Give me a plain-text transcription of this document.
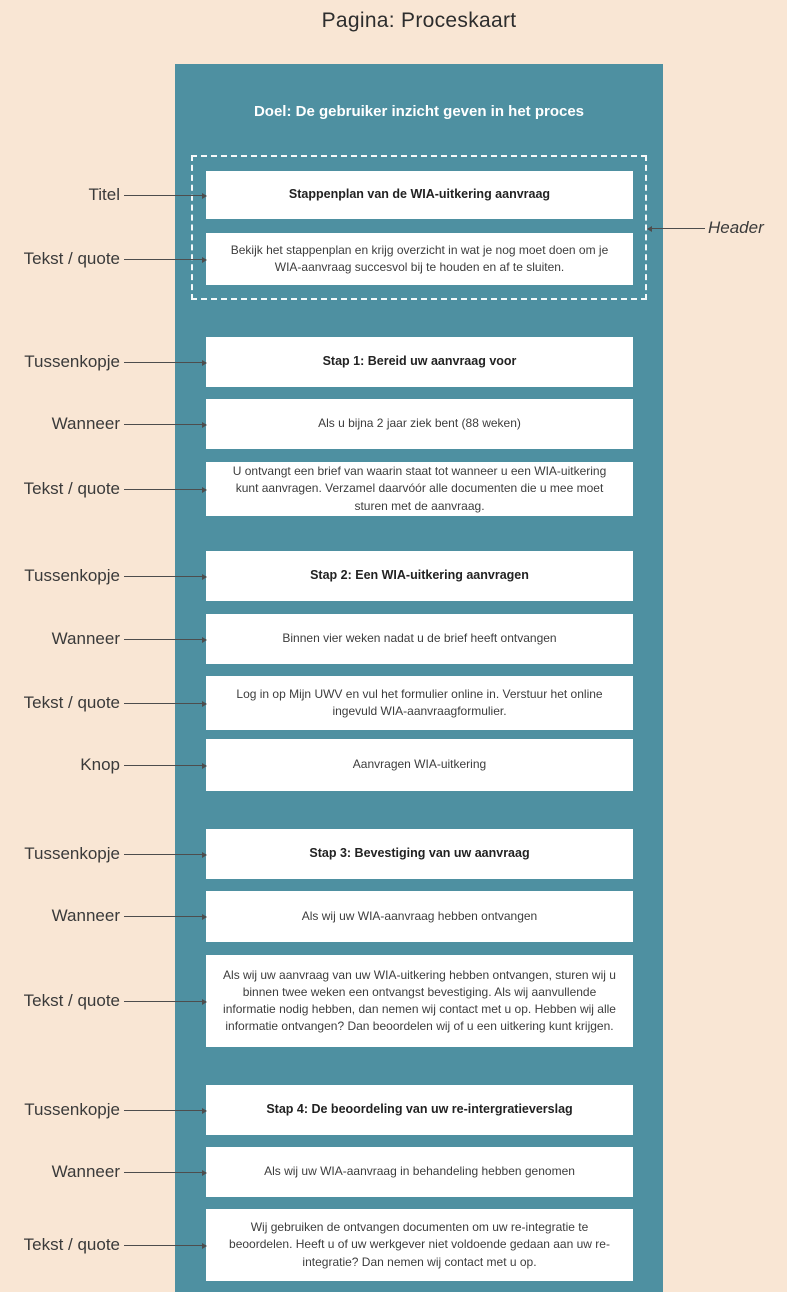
Pagina: Proceskaart
Doel: De gebruiker inzicht geven in het proces
Stappenplan van de WIA-uitkering aanvraag
Bekijk het stappenplan en krijg overzicht in wat je nog moet doen om je WIA-aanvraag succesvol bij te houden en af te sluiten.
Stap 1: Bereid uw aanvraag voor
Als u bijna 2 jaar ziek bent (88 weken)
U ontvangt een brief van waarin staat tot wanneer u een WIA-uitkering kunt aanvragen. Verzamel daarvóór alle documenten die u mee moet sturen met de aanvraag.
Stap 2: Een WIA-uitkering aanvragen
Binnen vier weken nadat u de brief heeft ontvangen
Log in op Mijn UWV en vul het formulier online in. Verstuur het online ingevuld WIA-aanvraagformulier.
Aanvragen WIA-uitkering
Stap 3: Bevestiging van uw aanvraag
Als wij uw WIA-aanvraag hebben ontvangen
Als wij uw aanvraag van uw WIA-uitkering hebben ontvangen, sturen wij u binnen twee weken een ontvangst bevestiging. Als wij aanvullende informatie nodig hebben, dan nemen wij contact met u op. Hebben wij alle informatie ontvangen? Dan beoordelen wij of u een uitkering kunt krijgen.
Stap 4: De beoordeling van uw re-intergratieverslag
Als wij uw WIA-aanvraag in behandeling hebben genomen
Wij gebruiken de ontvangen documenten om uw re-integratie te beoordelen. Heeft u of uw werkgever niet voldoende gedaan aan uw re-integratie? Dan nemen wij contact met u op.
Titel
Tekst / quote
Tussenkopje
Wanneer
Tekst / quote
Tussenkopje
Wanneer
Tekst / quote
Knop
Tussenkopje
Wanneer
Tekst / quote
Tussenkopje
Wanneer
Tekst / quote
Header
